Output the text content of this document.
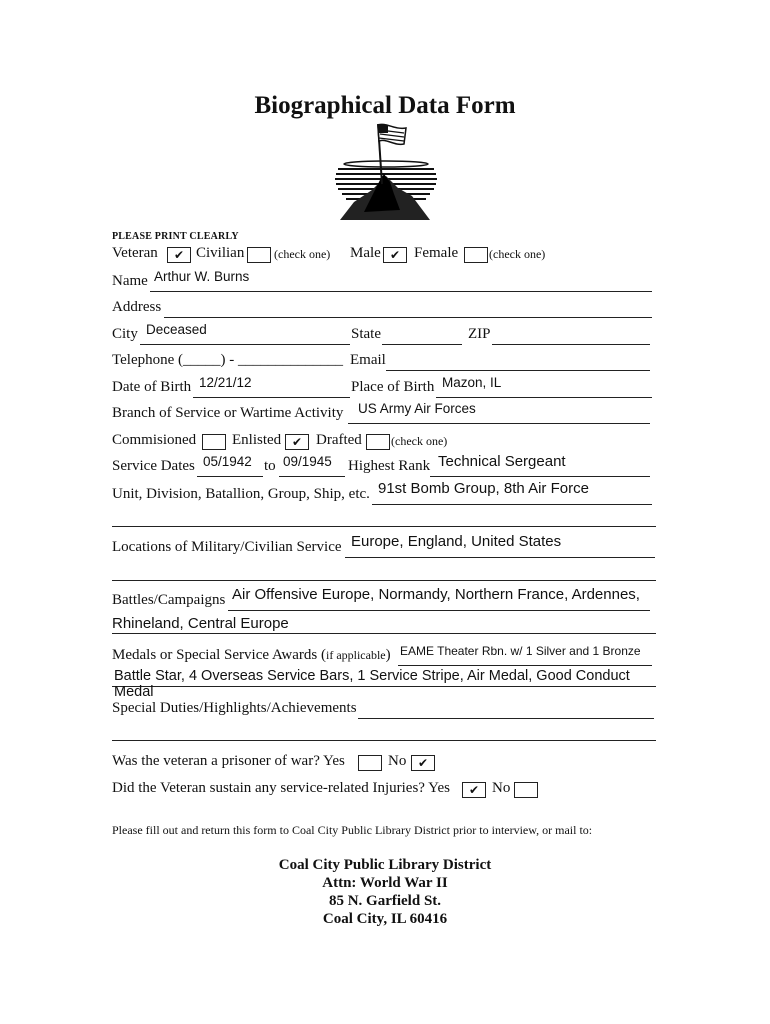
Biographical Data Form
PLEASE PRINT CLEARLY
Veteran	✔ Civilian (check one) Male ✔ Female	(check one)
Name Arthur W. Burns
Address
City Deceased	State	ZIP
Telephone (_____) - ______________ Email
Date of Birth 12/21/12	Place of Birth Mazon, IL
Branch of Service or Wartime Activity US Army Air Forces
Commisioned Enlisted ✔ Drafted (check one)
Service Dates 05/1942 to 09/1945 Highest Rank Technical Sergeant
Unit, Division, Batallion, Group, Ship, etc. 91st Bomb Group, 8th Air Force
Locations of Military/Civilian Service Europe, England, United States
Battles/Campaigns Air Offensive Europe, Normandy, Northern France, Ardennes,
Rhineland, Central Europe
Medals or Special Service Awards (if applicable) EAME Theater Rbn. w/ 1 Silver and 1 Bronze
Battle Star, 4 Overseas Service Bars, 1 Service Stripe, Air Medal, Good Conduct Medal
Special Duties/Highlights/Achievements
Was the veteran a prisoner of war? Yes	No ✔
Did the Veteran sustain any service-related Injuries? Yes	✔ No
Please fill out and return this form to Coal City Public Library District prior to interview, or mail to:
Coal City Public Library District
Attn: World War II
85 N. Garfield St.
Coal City, IL 60416
